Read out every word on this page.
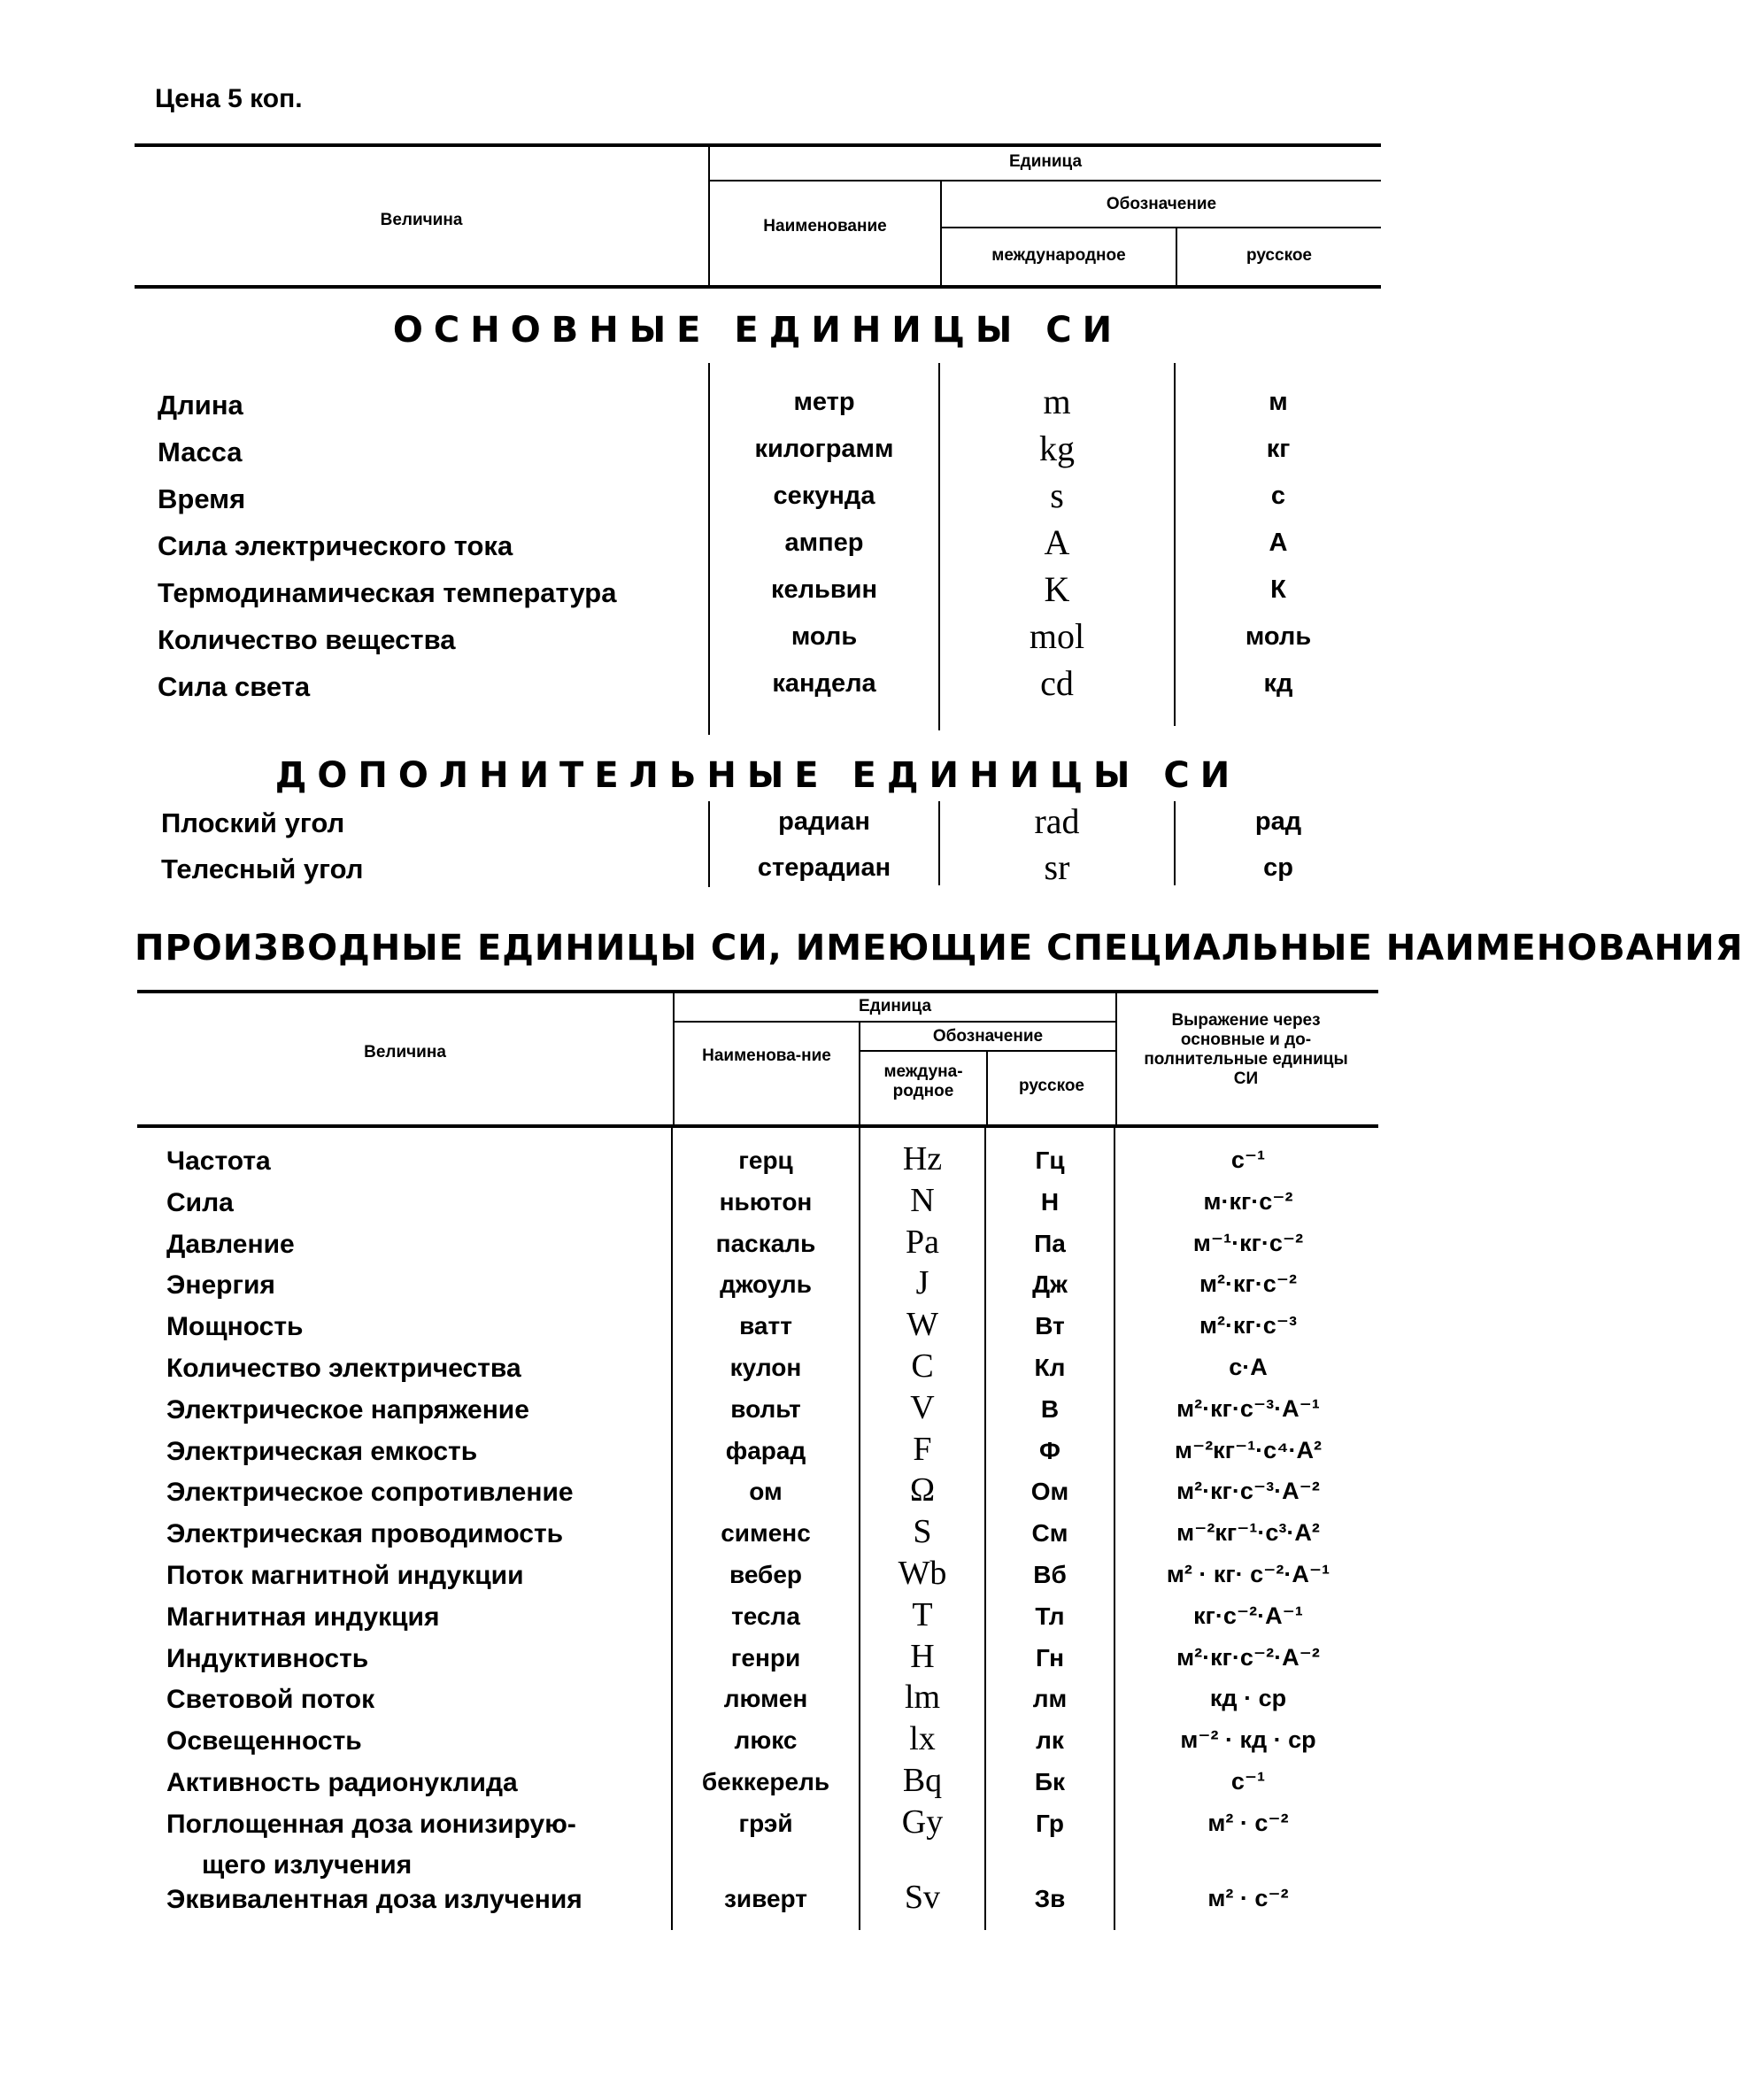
Цена 5 коп.
Величина
Единица
Наименование
Обозначение
международное	русское
ОСНОВНЫЕ ЕДИНИЦЫ СИ
Длина	метр	m	м
Масса	килограмм	kg	кг
Время	секунда	s	с
Сила электрического тока	ампер	A	А
Термодинамическая температура	кельвин	K	К
Количество вещества	моль	mol	моль
Сила света	кандела	cd	кд
ДОПОЛНИТЕЛЬНЫЕ ЕДИНИЦЫ СИ
Плоский угол	радиан	rad	рад
Телесный угол	стерадиан	sr	ср
ПРОИЗВОДНЫЕ ЕДИНИЦЫ СИ, ИМЕЮЩИЕ СПЕЦИАЛЬНЫЕ НАИМЕНОВАНИЯ
Величина
Единица
Наименова-ние
Обозначение
междуна-родное	русское
Выражение через основные и до-полнительные единицы СИ
Частота	герц	Hz	Гц	с⁻¹
Сила	ньютон	N	Н	м·кг·с⁻²
Давление	паскаль	Pa	Па	м⁻¹·кг·с⁻²
Энергия	джоуль	J	Дж	м²·кг·с⁻²
Мощность	ватт	W	Вт	м²·кг·с⁻³
Количество электричества	кулон	C	Кл	с·А
Электрическое напряжение	вольт	V	В	м²·кг·с⁻³·А⁻¹
Электрическая емкость	фарад	F	Ф	м⁻²кг⁻¹·с⁴·А²
Электрическое сопротивление	ом	Ω	Ом	м²·кг·с⁻³·А⁻²
Электрическая проводимость	сименс	S	См	м⁻²кг⁻¹·с³·А²
Поток магнитной индукции	вебер	Wb	Вб	м² · кг· с⁻²·А⁻¹
Магнитная индукция	тесла	T	Тл	кг·с⁻²·А⁻¹
Индуктивность	генри	H	Гн	м²·кг·с⁻²·А⁻²
Световой поток	люмен	lm	лм	кд · ср
Освещенность	люкс	lx	лк	м⁻² · кд · ср
Активность радионуклида	беккерель	Bq	Бк	с⁻¹
Поглощенная доза ионизирую-
щего излучения
грэй	Gy	Гр	м² · с⁻²
Эквивалентная доза излучения	зиверт	Sv	Зв	м² · с⁻²
